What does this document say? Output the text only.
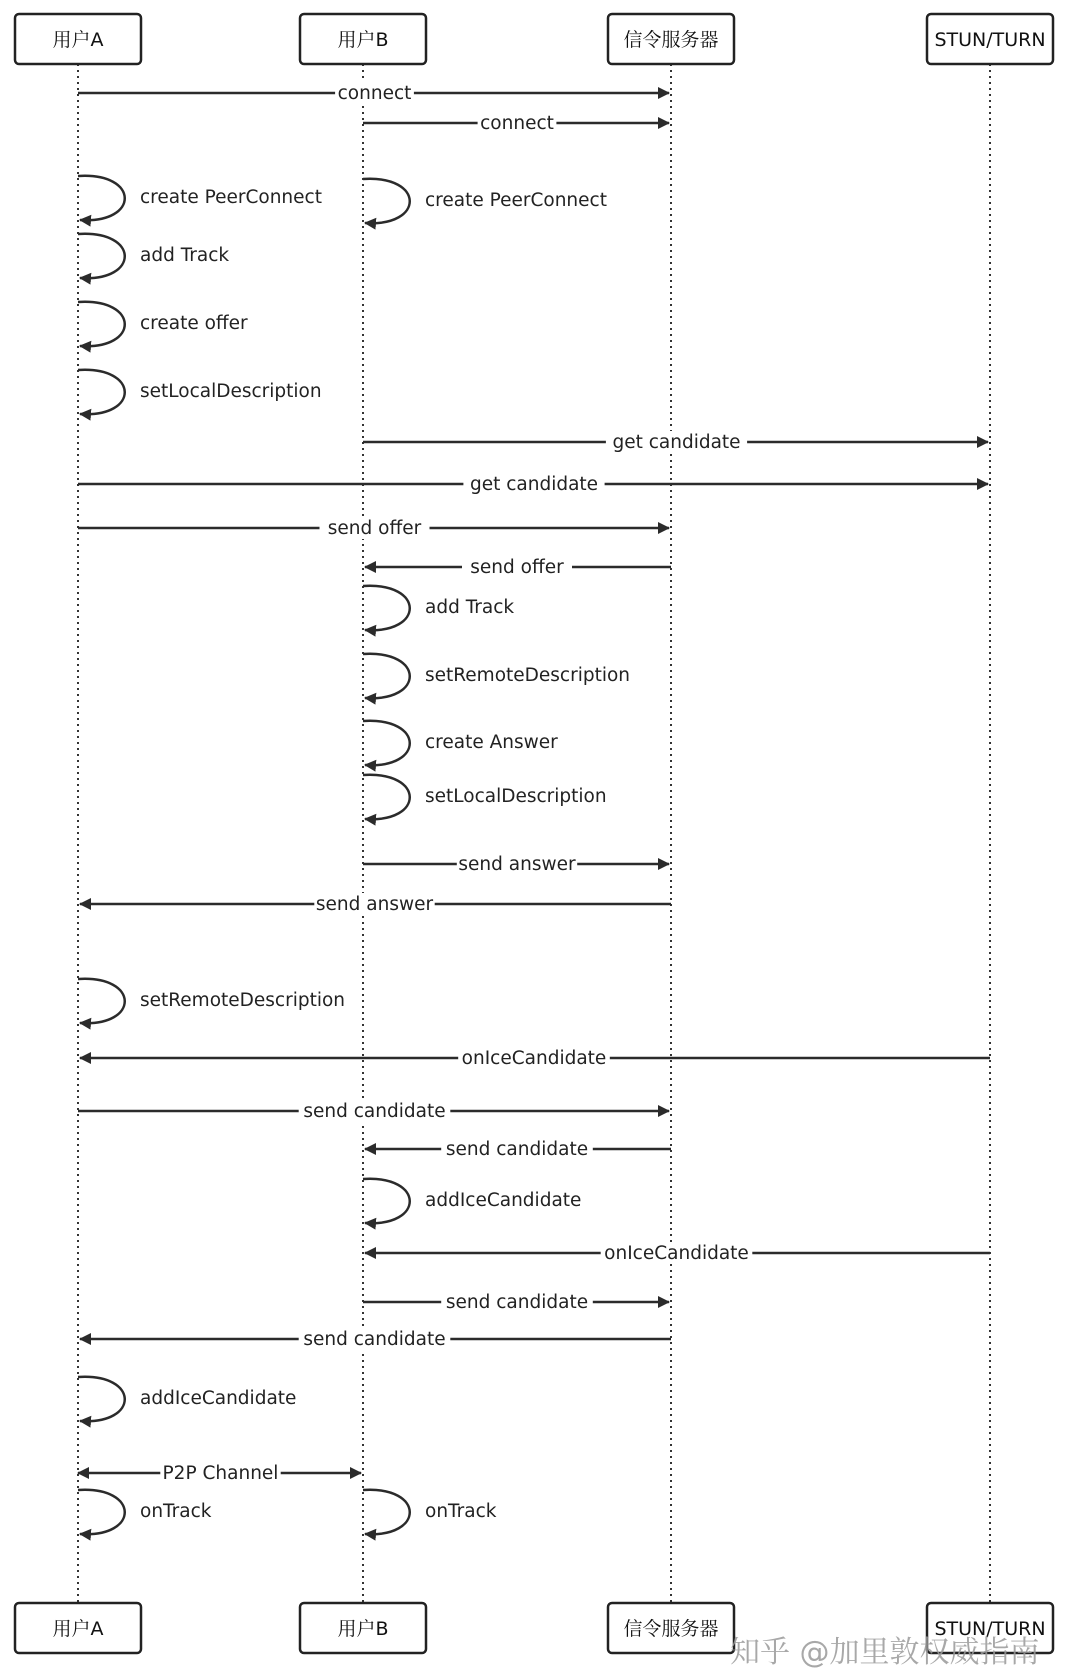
用户A
用户A
用户B
用户B
信令服务器
信令服务器
STUN/TURN
STUN/TURN
connect
connect
create PeerConnect	create PeerConnect
add Track
create offer
setLocalDescription
get candidate
get candidate
send offer
send offer
add Track
setRemoteDescription
create Answer
setLocalDescription
send answer
send answer
setRemoteDescription
onIceCandidate
send candidate
send candidate
addIceCandidate
onIceCandidate
send candidate
send candidate
addIceCandidate
P2P Channel
onTrack	onTrack
知乎 @加里敦权威指南
